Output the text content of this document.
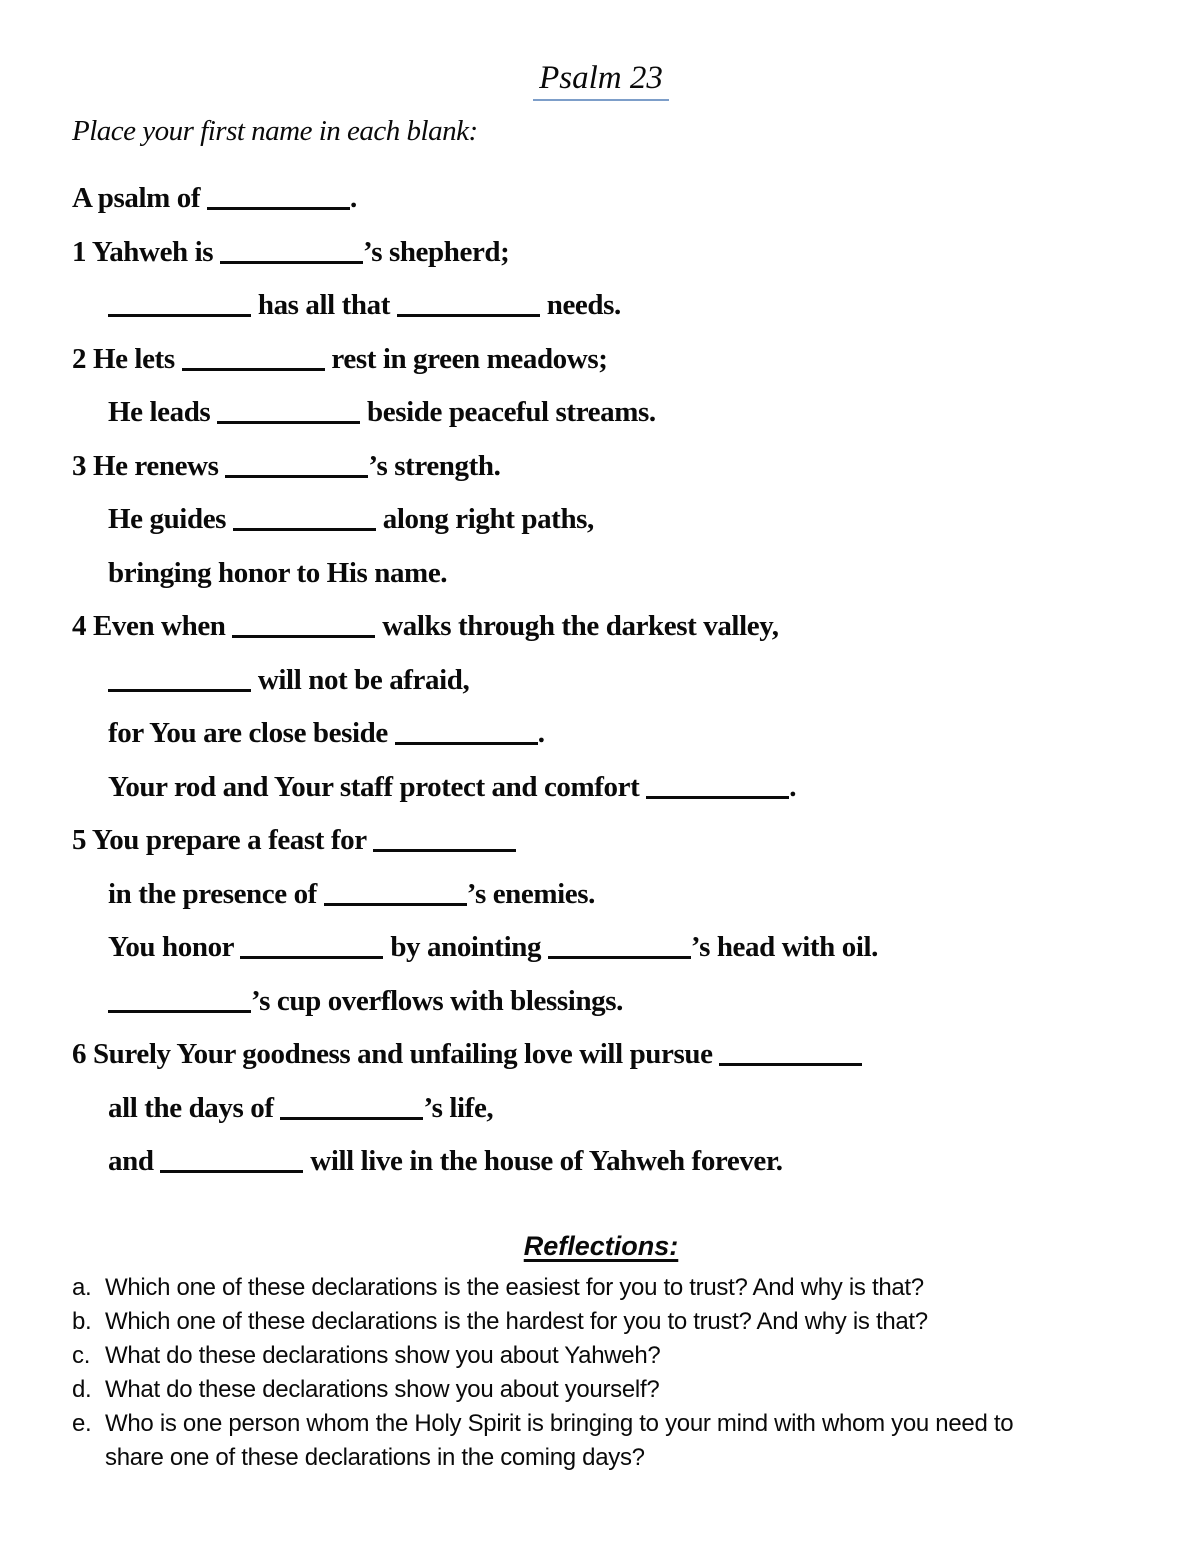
Psalm 23

Place your first name in each blank:

A psalm of	.
1 Yahweh is	’s shepherd;
has all that	needs.
2 He lets	rest in green meadows;
He leads	beside peaceful streams.
3 He renews	’s strength.
He guides	along right paths,
bringing honor to His name.
4 Even when	walks through the darkest valley,
will not be afraid,
for You are close beside	.
Your rod and Your staff protect and comfort	.
5 You prepare a feast for
in the presence of	’s enemies.
You honor	by anointing	’s head with oil.
’s cup overflows with blessings.
6 Surely Your goodness and unfailing love will pursue
all the days of	’s life,
and	will live in the house of Yahweh forever.
Reflections:
a. Which one of these declarations is the easiest for you to trust? And why is that?
b. Which one of these declarations is the hardest for you to trust? And why is that?
c. What do these declarations show you about Yahweh?
d. What do these declarations show you about yourself?
e. Who is one person whom the Holy Spirit is bringing to your mind with whom you need to share one of these declarations in the coming days?
